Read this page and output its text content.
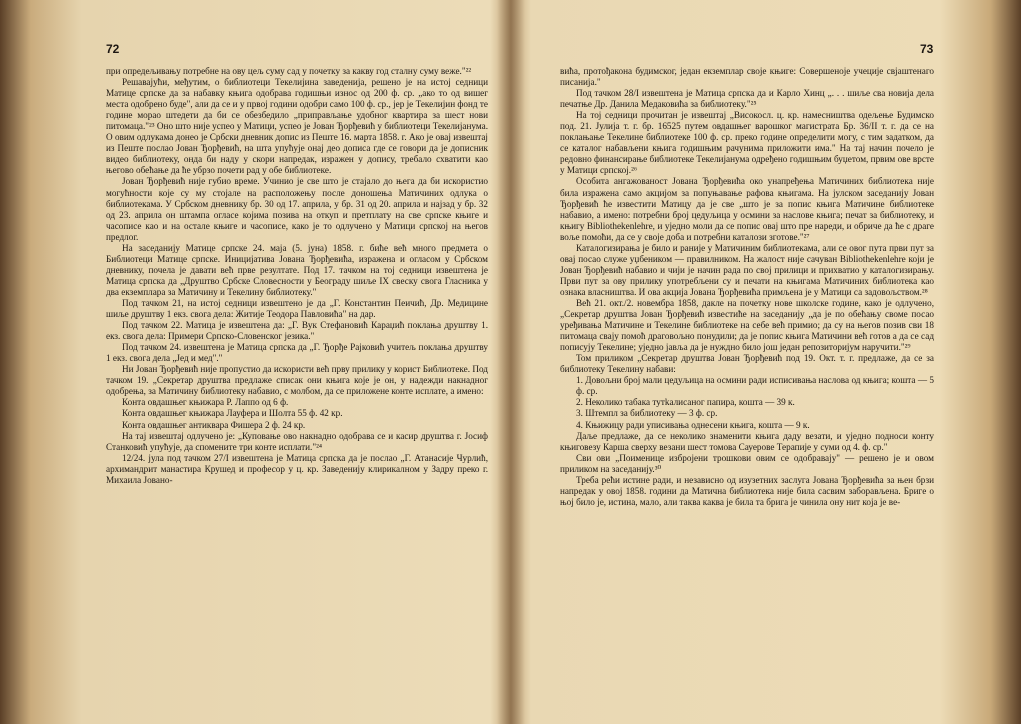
72

при опредељивању потребне на ову цељ суму сад у почетку за какву год сталну суму веже."²²

Решавајући, међутим, о библиотеци Текелијина заведенија, решено је на истој седници Матице српске да за набавку књига одобрава годишњи износ од 200 ф. ср. „ако то од вишег места одобрено буде", али да се и у првој години одобри само 100 ф. ср., јер је Текелијин фонд те године морао штедети да би се обезбедило „приправљање удобног квартира за шест нови питомаца."²³ Оно што није успео у Матици, успео је Јован Ђорђевић у библиотеци Текелијанума. О овим одлукама донео је Србски дневник допис из Пеште 16. марта 1858. г. Ако је овај извештај из Пеште послао Јован Ђорђевић, на шта упућује онај део дописа где се говори да је дописник видео библиотеку, онда би наду у скори напредак, изражен у допису, требало схватити као његово обећање да ће убрзо почети рад у обе библиотеке.

Јован Ђорђевић није губио време. Учинио је све што је стајало до њега да би искористио могућности које су му стојале на расположењу после доношења Матичиних одлука о библиотекама. У Србском дневнику бр. 30 од 17. априла, у бр. 31 од 20. априла и најзад у бр. 32 од 23. априла он штампа огласе којима позива на откуп и претплату на све српске књиге и часописе као и на остале књиге и часописе, како је то одлучено у Матици српској на његов предлог.

На заседанију Матице српске 24. маја (5. јуна) 1858. г. биће већ много предмета о Библиотеци Матице српске. Иницијатива Јована Ђорђевића, изражена и огласом у Србском дневнику, почела је давати већ прве резултате. Под 17. тачком на тој седници извештена је Матица српска да „Друштво Србске Словесности у Београду шиље IX свеску свога Гласника у два екземплара за Матичину и Текелину библиотеку."

Под тачком 21, на истој седници извештено је да „Г. Константин Пеичић, Др. Медицине шиље друштву 1 екз. свога дела: Житије Теодора Павловића" на дар.

Под тачком 22. Матица је извештена да: „Г. Вук Стефановић Караџић поклања друштву 1. екз. свога дела: Примери Српско-Словенског језика."

Под тачком 24. извештена је Матица српска да „Г. Ђорђе Рајковић учитељ поклања друштву 1 екз. свога дела „Јед и мед"."

Ни Јован Ђорђевић није пропустио да искористи већ прву прилику у корист Библиотеке. Под тачком 19. „Секретар друштва предлаже списак они књига које је он, у надежди накнадног одобрења, за Матичину библиотеку набавио, с молбом, да се приложене конте исплате, а имено:

Конта овдашњег књижара Р. Лаппо од 6 ф.

Конта овдашњег књижара Лауфера и Шолта 55 ф. 42 кр.

Конта овдашњег антиквара Фишера 2 ф. 24 кр.

На тај извештај одлучено је: „Куповање ово накнадно одобрава се и касир друштва г. Јосиф Станковић упућује, да спомените три конте исплати."²⁴

12/24. јула под тачком 27/I извештена је Матица српска да је послао „Г. Атанасије Чурлић, архимандрит манастира Крушед и професор у ц. кр. Заведенију клирикалном у Задру преко г. Михаила Јовано-

73

вића, протођакона будимског, један екземплар своје књиге: Совершеноје учеције свјаштенаго писанија."

Под тачком 28/I извештена је Матица српска да и Карло Хинц „. . . шиље сва новија дела печатње Др. Данила Медаковића за библиотеку."²⁵

На тој седници прочитан је извештај „Високосл. ц. кр. намесништва одељење Будимско под. 21. Јулија т. г. бр. 16525 путем овдашњег варошког магистрата Бр. 36/II т. г. да се на поклањање Текелине библиотеке 100 ф. ср. преко године определити могу, с тим задатком, да се каталог набављени књига годишњим рачунима приложити има." На тај начин почело је редовно финансирање библиотеке Текелијанума одређено годишњим буџетом, првим ове врсте у Матици српској.²⁶

Особита ангажованост Јована Ђорђевића око унапређења Матичиних библиотека није била изражена само акцијом за попуњавање рафова књигама. На јулском заседанију Јован Ђорђевић ће известити Матицу да је све „што је за попис књига Матичине библиотеке набавио, а имено: потребни број цедуљица у осмини за наслове књига; печат за библиотеку, и књигу Bibliothekenlehre, и уједно моли да се попис овај што пре нареди, и обриче да ће с драге воље помоћи, да се у своје доба и потребни каталози зготове."²⁷

Каталогизирања је било и раније у Матичиним библиотекама, али се овог пута први пут за овај посао служе уџбеником — правилником. На жалост није сачуван Bibliothekenlehre који је Јован Ђорђевић набавио и чији је начин рада по свој прилици и прихватио у каталогизирању. Први пут за ову прилику употребљени су и печати на књигама Матичиних библиотека као ознака власништва. И ова акција Јована Ђорђевића примљена је у Матици са задовољством.²⁸

Већ 21. окт./2. новембра 1858, дакле на почетку нове школске године, како је одлучено, „Секретар друштва Јован Ђорђевић известиће на заседанију „да је по обећању своме посао уређивања Матичине и Текелине библиотеке на себе већ примио; да су на његов позив сви 18 питомаца свају помоћ драговољно понудили; да је попис књига Матичини већ готов а да се сад пописују Текелине; уједно јавља да је нуждно било још један репозиторијум наручити."²⁹

Том приликом „Секретар друштва Јован Ђорђевић под 19. Окт. т. г. предлаже, да се за библиотеку Текелину набави:

1. Довољни број мали цедуљица на осмини ради исписивања наслова од књига; кошта — 5 ф. ср.

2. Неколико табака тутkaлисаног папира, кошта — 39 к.

3. Штемпл за библиотеку — 3 ф. ср.

4. Књижицу ради уписивања однесени књига, кошта — 9 к.

Даље предлаже, да се неколико знаменити књига даду везати, и уједно подноси конту књиговезу Карша сверху везани шест томова Сауерове Терапије у суми од 4. ф. ср."

Сви ови „Поименице избројени трошкови овим се одобравају" — решено је и овом приликом на заседанију.³⁰

Треба рећи истине ради, и независно од изузетних заслуга Јована Ђорђевића за њен брзи напредак у овој 1858. години да Матична библиотека није била сасвим заборављена. Бриге о њој било је, истина, мало, али таква каква је била та брига је чинила ону нит која је ве-
